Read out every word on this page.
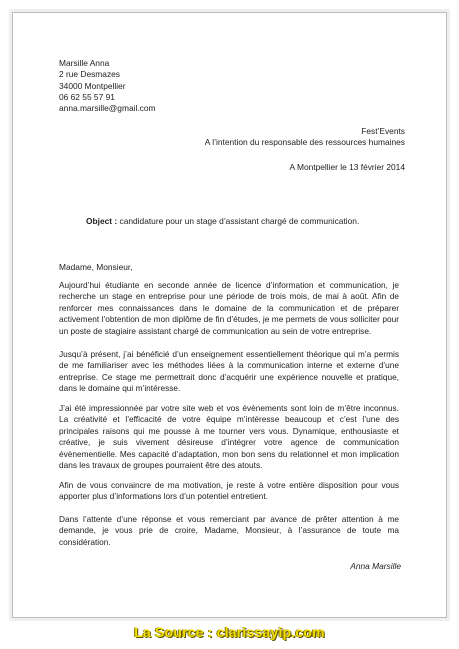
Marsille Anna
2 rue Desmazes
34000 Montpellier
06 62 55 57 91
anna.marsille@gmail.com
Fest’Events
A l’intention du responsable des ressources humaines
A Montpellier le 13 février 2014
Object : candidature pour un stage d’assistant chargé de communication.
Madame, Monsieur,

Aujourd’hui étudiante en seconde année de licence d’information et communication, je recherche un stage en entreprise pour une période de trois mois, de mai à août. Afin de renforcer mes connaissances dans le domaine de la communication et de préparer activement l’obtention de mon diplôme de fin d’études, je me permets de vous solliciter pour un poste de stagiaire assistant chargé de communication au sein de votre entreprise.

Jusqu’à présent, j’ai bénéficié d’un enseignement essentiellement théorique qui m’a permis de me familiariser avec les méthodes liées à la communication interne et externe d’une entreprise. Ce stage me permettrait donc d’acquérir une expérience nouvelle et pratique, dans le domaine qui m’intéresse.

J’ai été impressionnée par votre site web et vos évènements sont loin de m’être inconnus. La créativité et l’efficacité de votre équipe m’intéresse beaucoup et c’est l’une des principales raisons qui me pousse à me tourner vers vous. Dynamique, enthousiaste et créative, je suis vivement désireuse d’intégrer votre agence de communication évènementielle. Mes capacité d’adaptation, mon bon sens du relationnel et mon implication dans les travaux de groupes pourraient être des atouts.

Afin de vous convaincre de ma motivation, je reste à votre entière disposition pour vous apporter plus d’informations lors d’un potentiel entretient.

Dans l’attente d’une réponse et vous remerciant par avance de prêter attention à me demande, je vous prie de croire, Madame, Monsieur, à l’assurance de toute ma considération.

Anna Marsille
La Source : clarissayip.com
